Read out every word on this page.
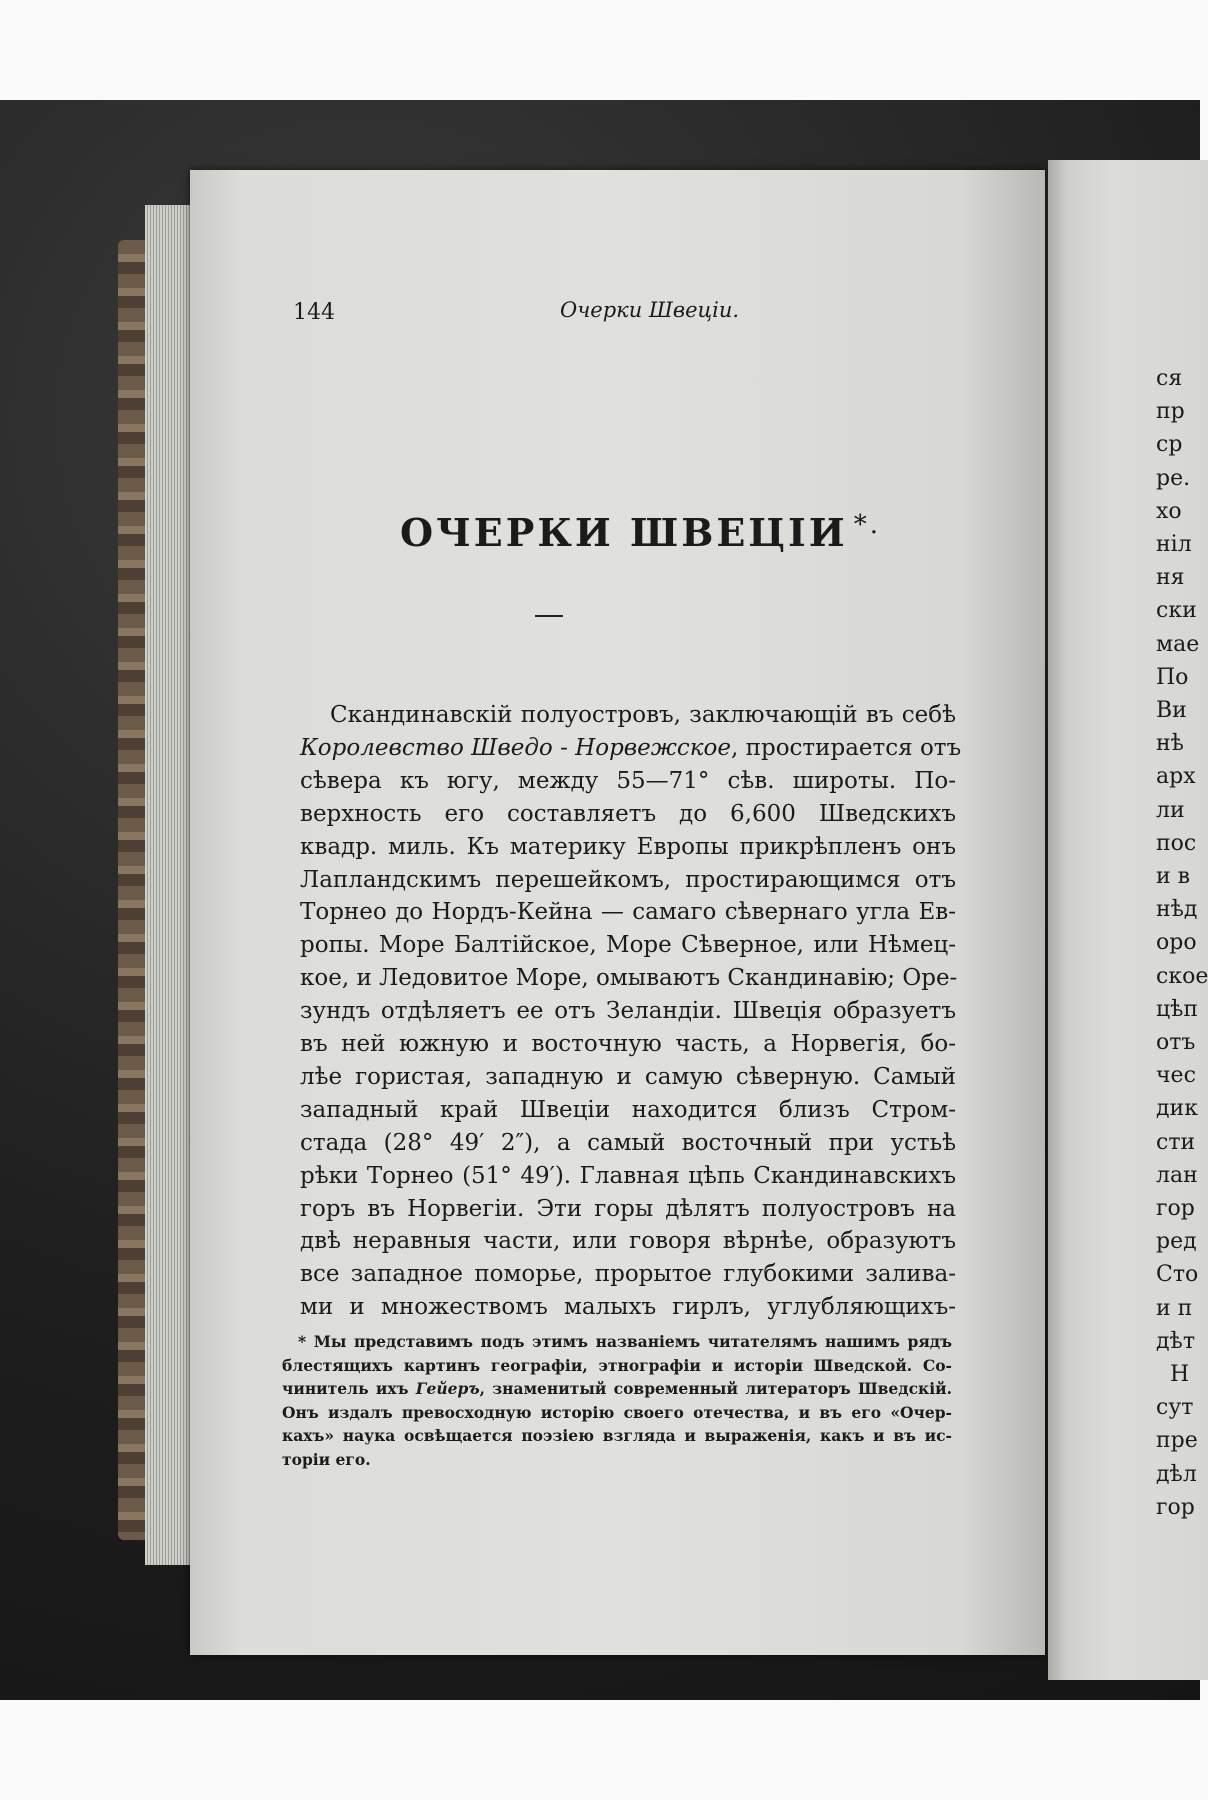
144	Очерки Швецiи.
ОЧЕРКИ ШВЕЦIИ *.
Скандинавскiй полуостровъ, заключающiй въ себѣ
Королевство Шведо - Норвежское, простирается отъ
сѣвера къ югу, между 55—71° сѣв. широты. По-
верхность его составляетъ до 6,600 Шведскихъ
квадр. миль. Къ материку Европы прикрѣпленъ онъ
Лапландскимъ перешейкомъ, простирающимся отъ
Торнео до Нордъ-Кейна — самаго сѣвернаго угла Ев-
ропы. Море Балтiйское, Море Сѣверное, или Нѣмец-
кое, и Ледовитое Море, омываютъ Скандинавiю; Оре-
зундъ отдѣляетъ ее отъ Зеландiи. Швецiя образуетъ
въ ней южную и восточную часть, а Норвегiя, бо-
лѣе гористая, западную и самую сѣверную. Самый
западный край Швецiи находится близъ Стром-
стада (28° 49′ 2″), а самый восточный при устьѣ
рѣки Торнео (51° 49′). Главная цѣпь Скандинавскихъ
горъ въ Норвегiи. Эти горы дѣлятъ полуостровъ на
двѣ неравныя части, или говоря вѣрнѣе, образуютъ
все западное поморье, прорытое глубокими залива-
ми и множествомъ малыхъ гирлъ, углубляющихъ-
* Мы представимъ подъ этимъ названiемъ читателямъ нашимъ рядъ
блестящихъ картинъ географiи, этнографiи и исторiи Шведской. Со-
чинитель ихъ Гейеръ, знаменитый современный литераторъ Шведскiй.
Онъ издалъ превосходную исторiю своего отечества, и въ его «Очер-
кахъ» наука освѣщается поэзiею взгляда и выраженiя, какъ и въ ис-
торiи его.
ся
пр
ср
ре.
хо
нiл
ня
ски
мае
По
Ви
нѣ
арх
ли
пос
и в
нѣд
оро
ское
цѣп
отъ
чес
дик
сти
лан
гор
ред
Сто
и п
дѣт
Н
сут
пре
дѣл
гор
